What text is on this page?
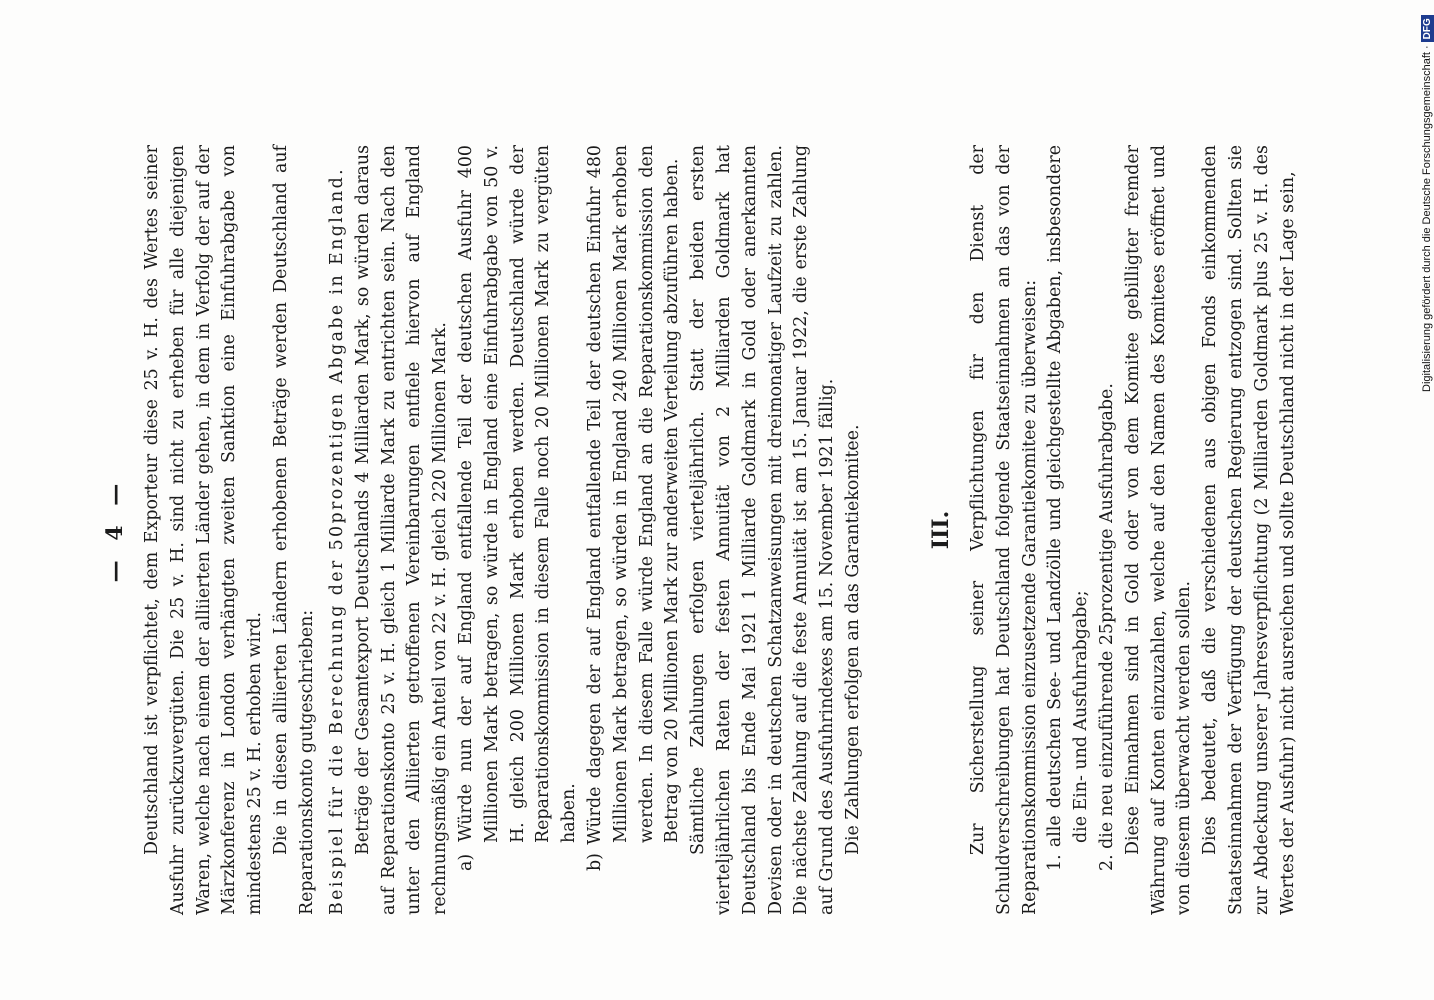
— 4 — Deutschland ist verpflichtet, dem Exporteur diese 25 v. H. des Wertes seiner Ausfuhr zurückzuvergüten. Die 25 v. H. sind nicht zu erheben für alle diejenigen Waren, welche nach einem der alliierten Länder gehen, in dem in Verfolg der auf der Märzkonferenz in London verhängten zweiten Sanktion eine Einfuhrabgabe von mindestens 25 v. H. erhoben wird. Die in diesen alliierten Ländern erhobenen Beträge werden Deutschland auf Reparationskonto gutgeschrieben: Beispiel für die Berechnung der 50prozentigen Abgabe in England. Beträge der Gesamtexport Deutschlands 4 Milliarden Mark, so würden daraus auf Reparationskonto 25 v. H. gleich 1 Milliarde Mark zu entrichten sein. Nach den unter den Alliierten getroffenen Vereinbarungen entfiele hiervon auf England rechnungsmäßig ein Anteil von 22 v. H. gleich 220 Millionen Mark. a) Würde nun der auf England entfallende Teil der deutschen Ausfuhr 400 Millionen Mark betragen, so würde in England eine Einfuhrabgabe von 50 v. H. gleich 200 Millionen Mark erhoben werden. Deutschland würde der Reparationskommission in diesem Falle noch 20 Millionen Mark zu vergüten haben. b) Würde dagegen der auf England entfallende Teil der deutschen Einfuhr 480 Millionen Mark betragen, so würden in England 240 Millionen Mark erhoben werden. In diesem Falle würde England an die Reparationskommission den Betrag von 20 Millionen Mark zur anderweiten Verteilung abzuführen haben. Sämtliche Zahlungen erfolgen vierteljährlich. Statt der beiden ersten vierteljährlichen Raten der festen Annuität von 2 Milliarden Goldmark hat Deutschland bis Ende Mai 1921 1 Milliarde Goldmark in Gold oder anerkannten Devisen oder in deutschen Schatzanweisungen mit dreimonatiger Laufzeit zu zahlen. Die nächste Zahlung auf die feste Annuität ist am 15. Januar 1922, die erste Zahlung auf Grund des Ausfuhrindexes am 15. November 1921 fällig. Die Zahlungen erfolgen an das Garantiekomitee.	III. Zur Sicherstellung seiner Verpflichtungen für den Dienst der Schuldverschreibungen hat Deutschland folgende Staatseinnahmen an das von der Reparationskommission einzusetzende Garantiekomitee zu überweisen: 1. alle deutschen See- und Landzölle und gleichgestellte Abgaben, insbesondere die Ein- und Ausfuhrabgabe; 2. die neu einzuführende 25prozentige Ausfuhrabgabe. Diese Einnahmen sind in Gold oder von dem Komitee gebilligter fremder Währung auf Konten einzuzahlen, welche auf den Namen des Komitees eröffnet und von diesem überwacht werden sollen. Dies bedeutet, daß die verschiedenen aus obigen Fonds einkommenden Staatseinnahmen der Verfügung der deutschen Regierung entzogen sind. Sollten sie zur Abdeckung unserer Jahresverpflichtung (2 Milliarden Goldmark plus 25 v. H. des Wertes der Ausfuhr) nicht ausreichen und sollte Deutschland nicht in der Lage sein,	Digitalisierung gefördert durch die Deutsche Forschungsgemeinschaft ·DFG
